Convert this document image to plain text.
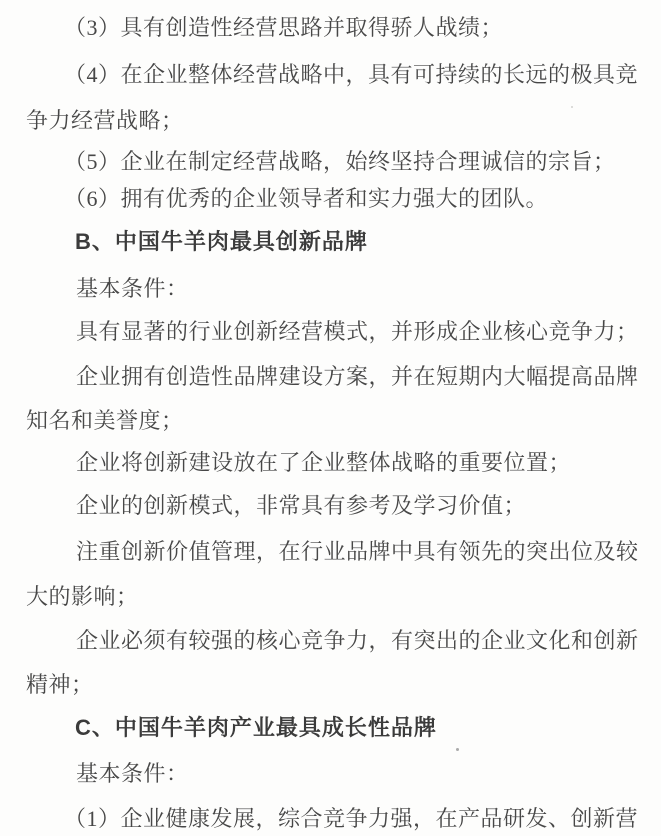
（3）具有创造性经营思路并取得骄人战绩；
（4）在企业整体经营战略中，具有可持续的长远的极具竞
争力经营战略；
（5）企业在制定经营战略，始终坚持合理诚信的宗旨；
（6）拥有优秀的企业领导者和实力强大的团队。
B、中国牛羊肉最具创新品牌
基本条件：
具有显著的行业创新经营模式，并形成企业核心竞争力；
企业拥有创造性品牌建设方案，并在短期内大幅提高品牌
知名和美誉度；
企业将创新建设放在了企业整体战略的重要位置；
企业的创新模式，非常具有参考及学习价值；
注重创新价值管理，在行业品牌中具有领先的突出位及较
大的影响；
企业必须有较强的核心竞争力，有突出的企业文化和创新
精神；
C、中国牛羊肉产业最具成长性品牌
基本条件：
（1）企业健康发展，综合竞争力强，在产品研发、创新营
